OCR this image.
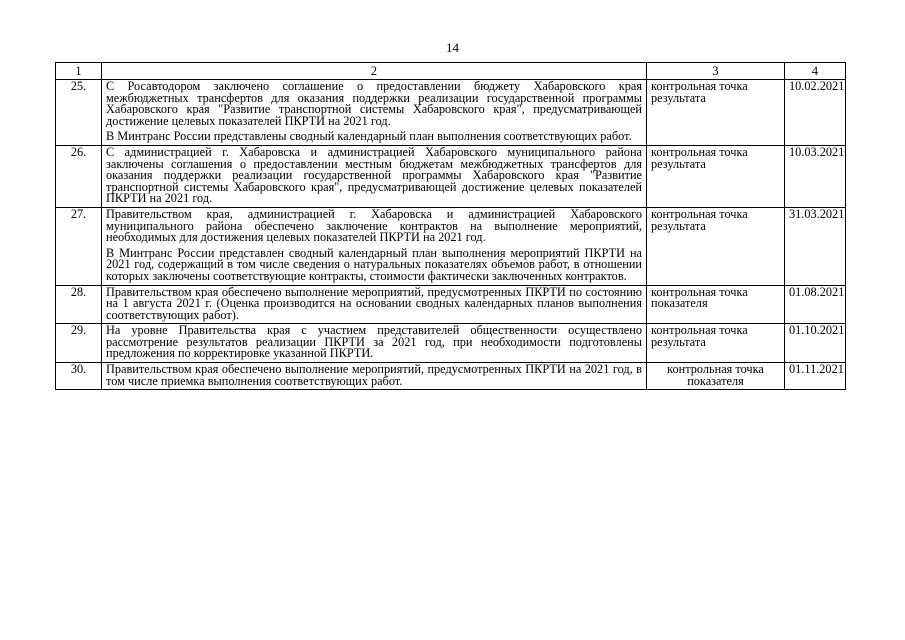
14
1	2	3	4
25.	С Росавтодором заключено соглашение о предоставлении бюджету Хабаровского края межбюджетных трансфертов для оказания поддержки реализации государственной программы Хабаровского края "Развитие транспортной системы Хабаровского края", предусматривающей достижение целевых показателей ПКРТИ на 2021 год.

В Минтранс России представлены сводный календарный план выполнения соответствующих работ.	контрольная точка результата	10.02.2021
26.	С администрацией г. Хабаровска и администрацией Хабаровского муниципального района заключены соглашения о предоставлении местным бюджетам межбюджетных трансфертов для оказания поддержки реализации государственной программы Хабаровского края "Развитие транспортной системы Хабаровского края", предусматривающей достижение целевых показателей ПКРТИ на 2021 год.	контрольная точка результата	10.03.2021
27.	Правительством края, администрацией г. Хабаровска и администрацией Хабаровского муниципального района обеспечено заключение контрактов на выполнение мероприятий, необходимых для достижения целевых показателей ПКРТИ на 2021 год.

В Минтранс России представлен сводный календарный план выполнения мероприятий ПКРТИ на 2021 год, содержащий в том числе сведения о натуральных показателях объемов работ, в отношении которых заключены соответствующие контракты, стоимости фактически заключенных контрактов.	контрольная точка результата	31.03.2021
28.	Правительством края обеспечено выполнение мероприятий, предусмотренных ПКРТИ по состоянию на 1 августа 2021 г. (Оценка производится на основании сводных календарных планов выполнения соответствующих работ).	контрольная точка показателя	01.08.2021
29.	На уровне Правительства края с участием представителей общественности осуществлено рассмотрение результатов реализации ПКРТИ за 2021 год, при необходимости подготовлены предложения по корректировке указанной ПКРТИ.	контрольная точка результата	01.10.2021
30.	Правительством края обеспечено выполнение мероприятий, предусмотренных ПКРТИ на 2021 год, в том числе приемка выполнения соответствующих работ.	контрольная точка показателя	01.11.2021
